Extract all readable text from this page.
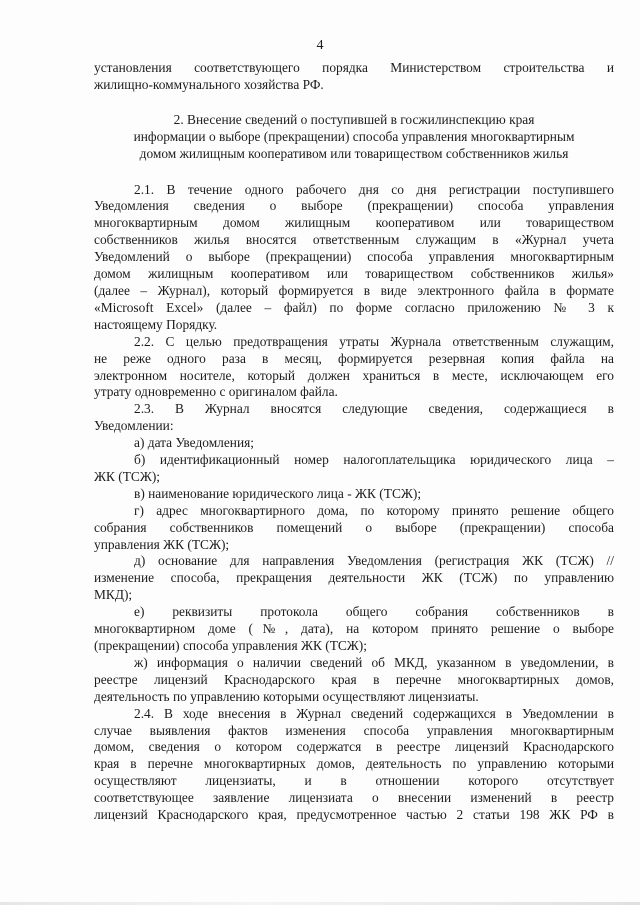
4
установления соответствующего порядка Министерством строительства и
жилищно-коммунального хозяйства РФ.
2. Внесение сведений о поступившей в госжилинспекцию края
информации о выборе (прекращении) способа управления многоквартирным
домом жилищным кооперативом или товариществом собственников жилья
2.1. В течение одного рабочего дня со дня регистрации поступившего
Уведомления сведения о выборе (прекращении) способа управления
многоквартирным домом жилищным кооперативом или товариществом
собственников жилья вносятся ответственным служащим в «Журнал учета
Уведомлений о выборе (прекращении) способа управления многоквартирным
домом жилищным кооперативом или товариществом собственников жилья»
(далее – Журнал), который формируется в виде электронного файла в формате
«Microsoft Excel» (далее – файл) по форме согласно приложению № 3 к
настоящему Порядку.
2.2. С целью предотвращения утраты Журнала ответственным служащим,
не реже одного раза в месяц, формируется резервная копия файла на
электронном носителе, который должен храниться в месте, исключающем его
утрату одновременно с оригиналом файла.
2.3. В Журнал вносятся следующие сведения, содержащиеся в
Уведомлении:
а) дата Уведомления;
б) идентификационный номер налогоплательщика юридического лица –
ЖК (ТСЖ);
в) наименование юридического лица - ЖК (ТСЖ);
г) адрес многоквартирного дома, по которому принято решение общего
собрания собственников помещений о выборе (прекращении) способа
управления ЖК (ТСЖ);
д) основание для направления Уведомления (регистрация ЖК (ТСЖ) //
изменение способа, прекращения деятельности ЖК (ТСЖ) по управлению
МКД);
е) реквизиты протокола общего собрания собственников в
многоквартирном доме (№, дата), на котором принято решение о выборе
(прекращении) способа управления ЖК (ТСЖ);
ж) информация о наличии сведений об МКД, указанном в уведомлении, в
реестре лицензий Краснодарского края в перечне многоквартирных домов,
деятельность по управлению которыми осуществляют лицензиаты.
2.4. В ходе внесения в Журнал сведений содержащихся в Уведомлении в
случае выявления фактов изменения способа управления многоквартирным
домом, сведения о котором содержатся в реестре лицензий Краснодарского
края в перечне многоквартирных домов, деятельность по управлению которыми
осуществляют лицензиаты, и в отношении которого отсутствует
соответствующее заявление лицензиата о внесении изменений в реестр
лицензий Краснодарского края, предусмотренное частью 2 статьи 198 ЖК РФ в
